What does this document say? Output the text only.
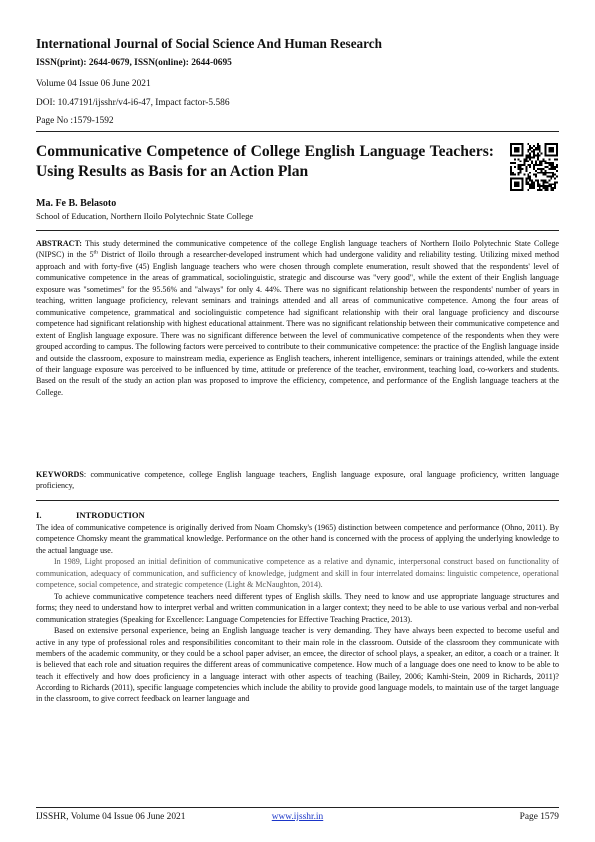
International Journal of Social Science And Human Research
ISSN(print): 2644-0679, ISSN(online): 2644-0695
Volume 04 Issue 06 June 2021
DOI: 10.47191/ijsshr/v4-i6-47, Impact factor-5.586
Page No :1579-1592
Communicative Competence of College English Language Teachers: Using Results as Basis for an Action Plan
Ma. Fe B. Belasoto
School of Education, Northern Iloilo Polytechnic State College
ABSTRACT: This study determined the communicative competence of the college English language teachers of Northern Iloilo Polytechnic State College (NIPSC) in the 5th District of Iloilo through a researcher-developed instrument which had undergone validity and reliability testing. Utilizing mixed method approach and with forty-five (45) English language teachers who were chosen through complete enumeration, result showed that the respondents' level of communicative competence in the areas of grammatical, sociolinguistic, strategic and discourse was "very good", while the extent of their English language exposure was "sometimes" for the 95.56% and "always" for only 4. 44%. There was no significant relationship between the respondents' number of years in teaching, written language proficiency, relevant seminars and trainings attended and all areas of communicative competence. Among the four areas of communicative competence, grammatical and sociolinguistic competence had significant relationship with their oral language proficiency and discourse competence had significant relationship with highest educational attainment. There was no significant relationship between their communicative competence and extent of English language exposure. There was no significant difference between the level of communicative competence of the respondents when they were grouped according to campus. The following factors were perceived to contribute to their communicative competence: the practice of the English language inside and outside the classroom, exposure to mainstream media, experience as English teachers, inherent intelligence, seminars or trainings attended, while the extent of their language exposure was perceived to be influenced by time, attitude or preference of the teacher, environment, teaching load, co-workers and students. Based on the result of the study an action plan was proposed to improve the efficiency, competence, and performance of the English language teachers at the College.
KEYWORDS: communicative competence, college English language teachers, English language exposure, oral language proficiency, written language proficiency,
I.	INTRODUCTION

The idea of communicative competence is originally derived from Noam Chomsky's (1965) distinction between competence and performance (Ohno, 2011). By competence Chomsky meant the grammatical knowledge. Performance on the other hand is concerned with the process of applying the underlying knowledge to the actual language use.

In 1989, Light proposed an initial definition of communicative competence as a relative and dynamic, interpersonal construct based on functionality of communication, adequacy of communication, and sufficiency of knowledge, judgment and skill in four interrelated domains: linguistic competence, operational competence, social competence, and strategic competence (Light & McNaughton, 2014).

To achieve communicative competence teachers need different types of English skills. They need to know and use appropriate language structures and forms; they need to understand how to interpret verbal and written communication in a larger context; they need to be able to use various verbal and non-verbal communication strategies (Speaking for Excellence: Language Competencies for Effective Teaching Practice, 2013).

Based on extensive personal experience, being an English language teacher is very demanding. They have always been expected to become useful and active in any type of professional roles and responsibilities concomitant to their main role in the classroom. Outside of the classroom they communicate with members of the academic community, or they could be a school paper adviser, an emcee, the director of school plays, a speaker, an editor, a coach or a trainer. It is believed that each role and situation requires the different areas of communicative competence. How much of a language does one need to know to be able to teach it effectively and how does proficiency in a language interact with other aspects of teaching (Bailey, 2006; Kamhi-Stein, 2009 in Richards, 2011)? According to Richards (2011), specific language competencies which include the ability to provide good language models, to maintain use of the target language in the classroom, to give correct feedback on learner language and

IJSSHR, Volume 04 Issue 06 June 2021	www.ijsshr.in	Page 1579
